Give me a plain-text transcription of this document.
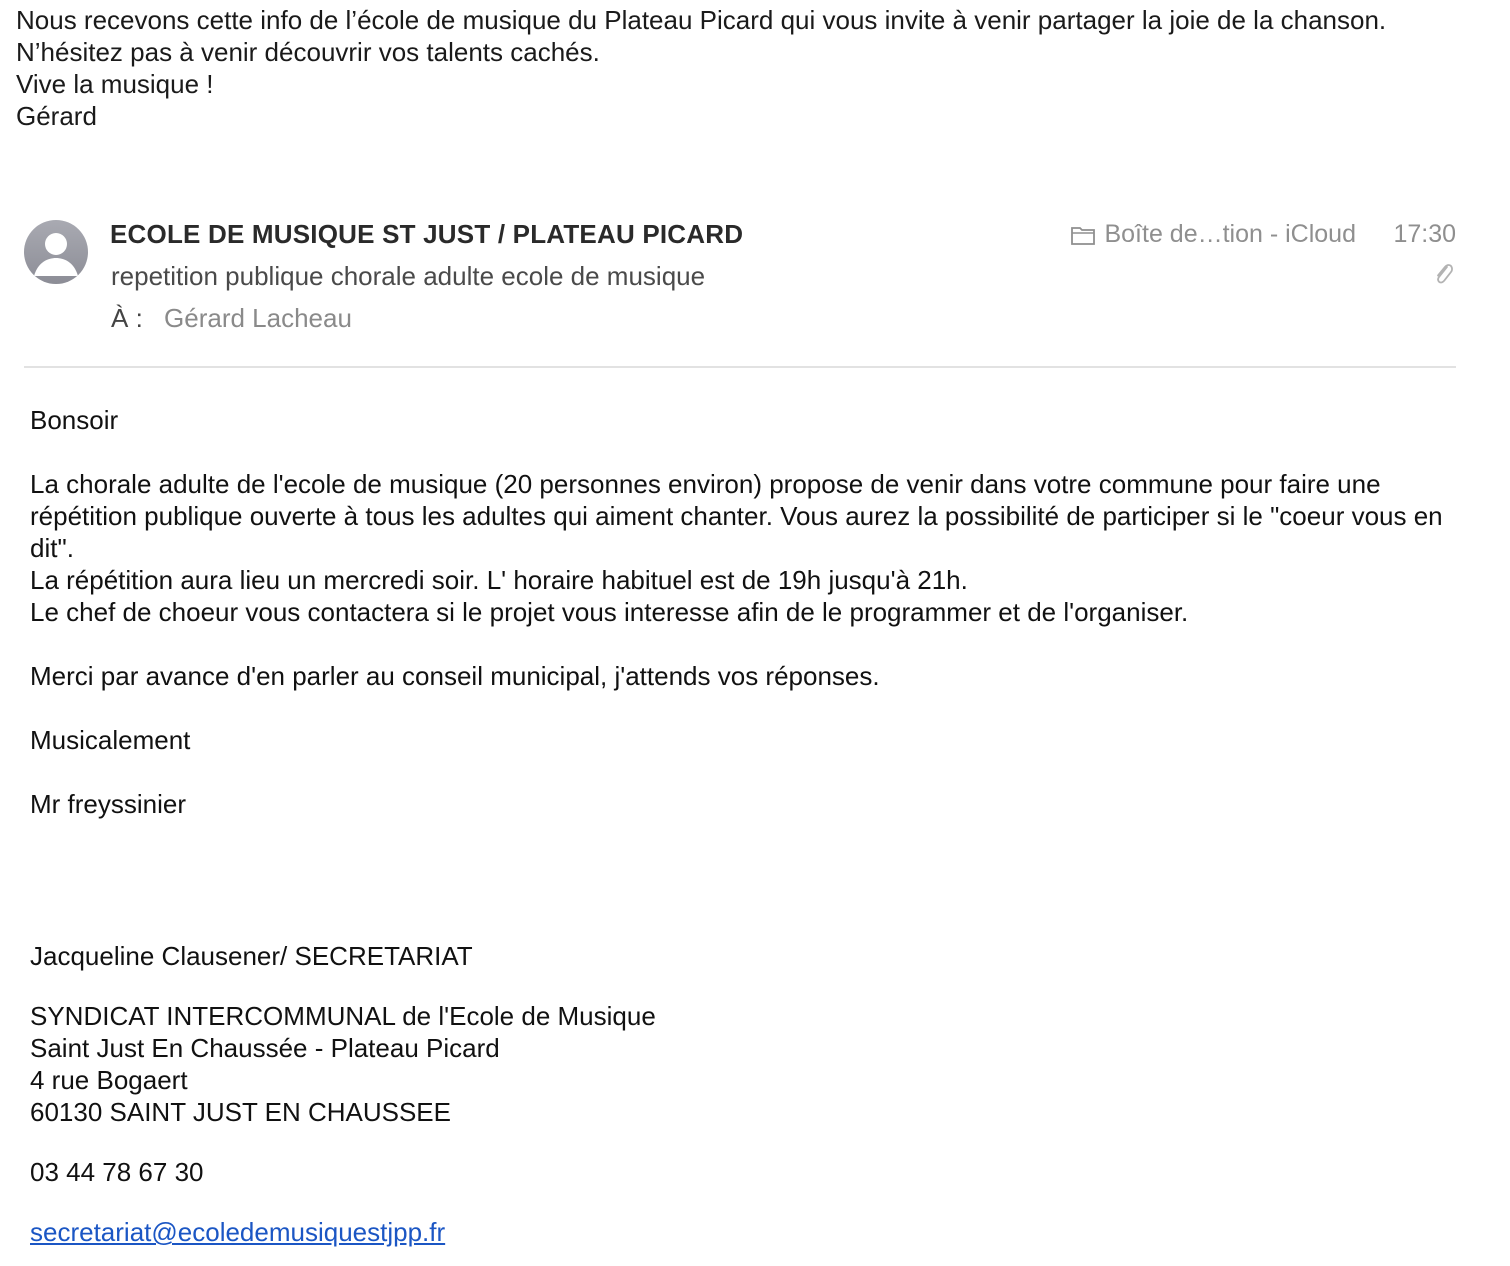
Nous recevons cette info de l’école de musique du Plateau Picard qui vous invite à venir partager la joie de la chanson.

N’hésitez pas à venir découvrir vos talents cachés.

Vive la musique !

Gérard

ECOLE DE MUSIQUE ST JUST / PLATEAU PICARD
repetition publique chorale adulte ecole de musique
À : Gérard Lacheau
Boîte de…tion - iCloud 17:30

Bonsoir

La chorale adulte de l'ecole de musique (20 personnes environ) propose de venir dans votre commune pour faire une répétition publique ouverte à tous les adultes qui aiment chanter. Vous aurez la possibilité de participer si le "coeur vous en dit".

La répétition aura lieu un mercredi soir. L' horaire habituel est de 19h jusqu'à 21h.

Le chef de choeur vous contactera si le projet vous interesse afin de le programmer et de l'organiser.

Merci par avance d'en parler au conseil municipal, j'attends vos réponses.

Musicalement

Mr freyssinier

Jacqueline Clausener/ SECRETARIAT

SYNDICAT INTERCOMMUNAL de l'Ecole de Musique

Saint Just En Chaussée - Plateau Picard

4 rue Bogaert

60130 SAINT JUST EN CHAUSSEE

03 44 78 67 30

secretariat@ecoledemusiquestjpp.fr
